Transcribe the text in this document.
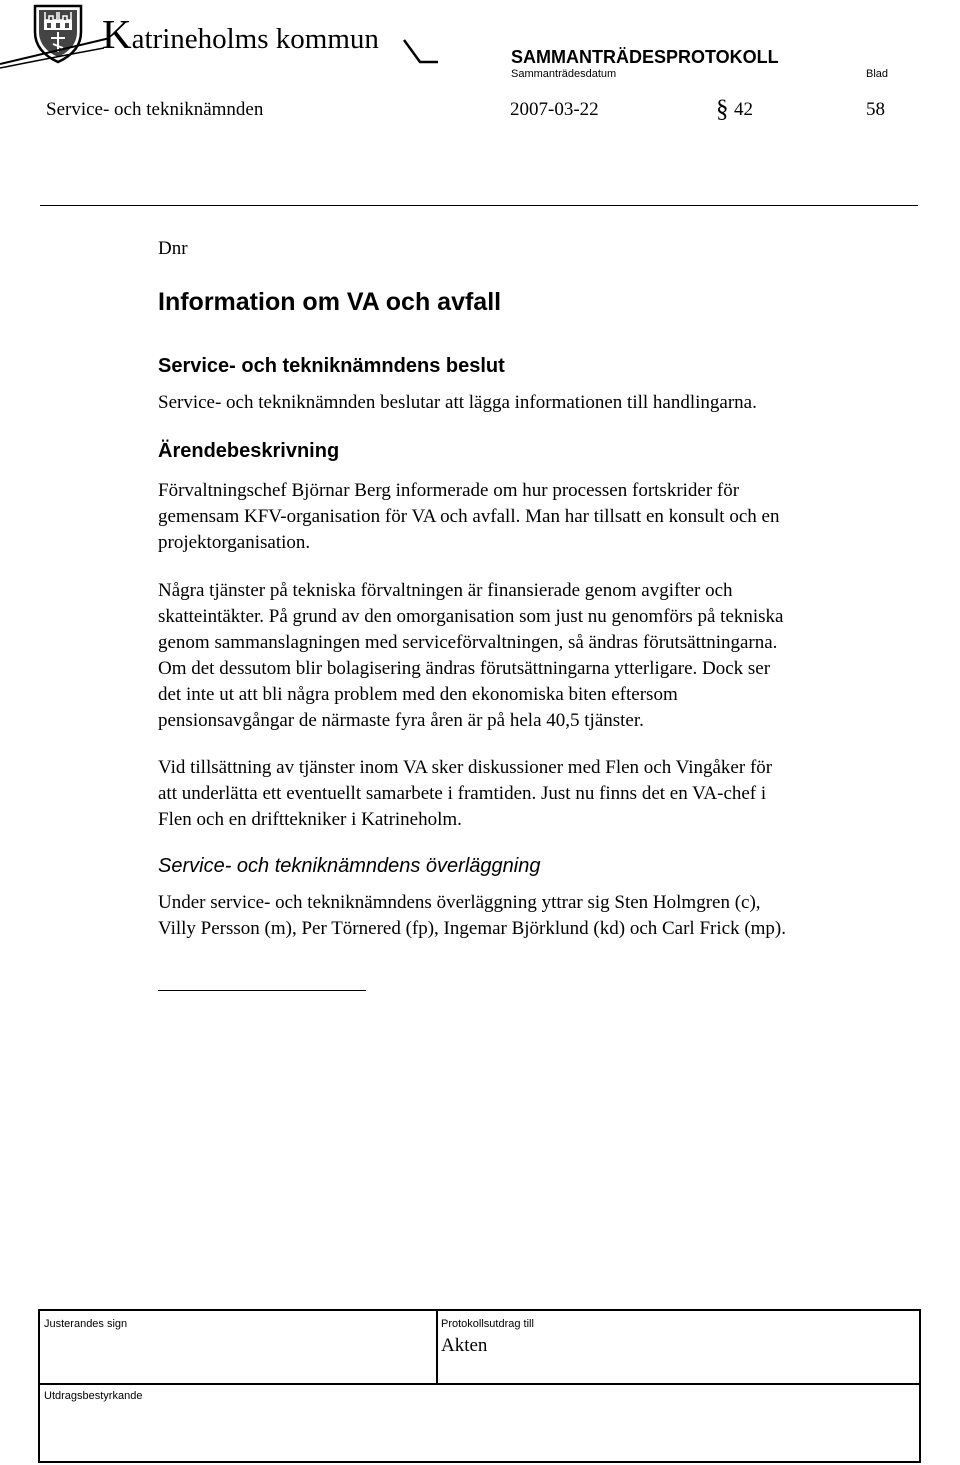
Katrineholms kommun
SAMMANTRÄDESPROTOKOLL
Sammanträdesdatum	Blad
Service- och tekniknämnden	2007-03-22	§ 42	58
Dnr
Information om VA och avfall
Service- och tekniknämndens beslut
Service- och tekniknämnden beslutar att lägga informationen till handlingarna.
Ärendebeskrivning
Förvaltningschef Björnar Berg informerade om hur processen fortskrider för
gemensam KFV-organisation för VA och avfall. Man har tillsatt en konsult och en
projektorganisation.
Några tjänster på tekniska förvaltningen är finansierade genom avgifter och
skatteintäkter. På grund av den omorganisation som just nu genomförs på tekniska
genom sammanslagningen med serviceförvaltningen, så ändras förutsättningarna.
Om det dessutom blir bolagisering ändras förutsättningarna ytterligare. Dock ser
det inte ut att bli några problem med den ekonomiska biten eftersom
pensionsavgångar de närmaste fyra åren är på hela 40,5 tjänster.
Vid tillsättning av tjänster inom VA sker diskussioner med Flen och Vingåker för
att underlätta ett eventuellt samarbete i framtiden. Just nu finns det en VA-chef i
Flen och en drifttekniker i Katrineholm.
Service- och tekniknämndens överläggning
Under service- och tekniknämndens överläggning yttrar sig Sten Holmgren (c),
Villy Persson (m), Per Törnered (fp), Ingemar Björklund (kd) och Carl Frick (mp).
Justerandes sign	Protokollsutdrag till
Akten
Utdragsbestyrkande
